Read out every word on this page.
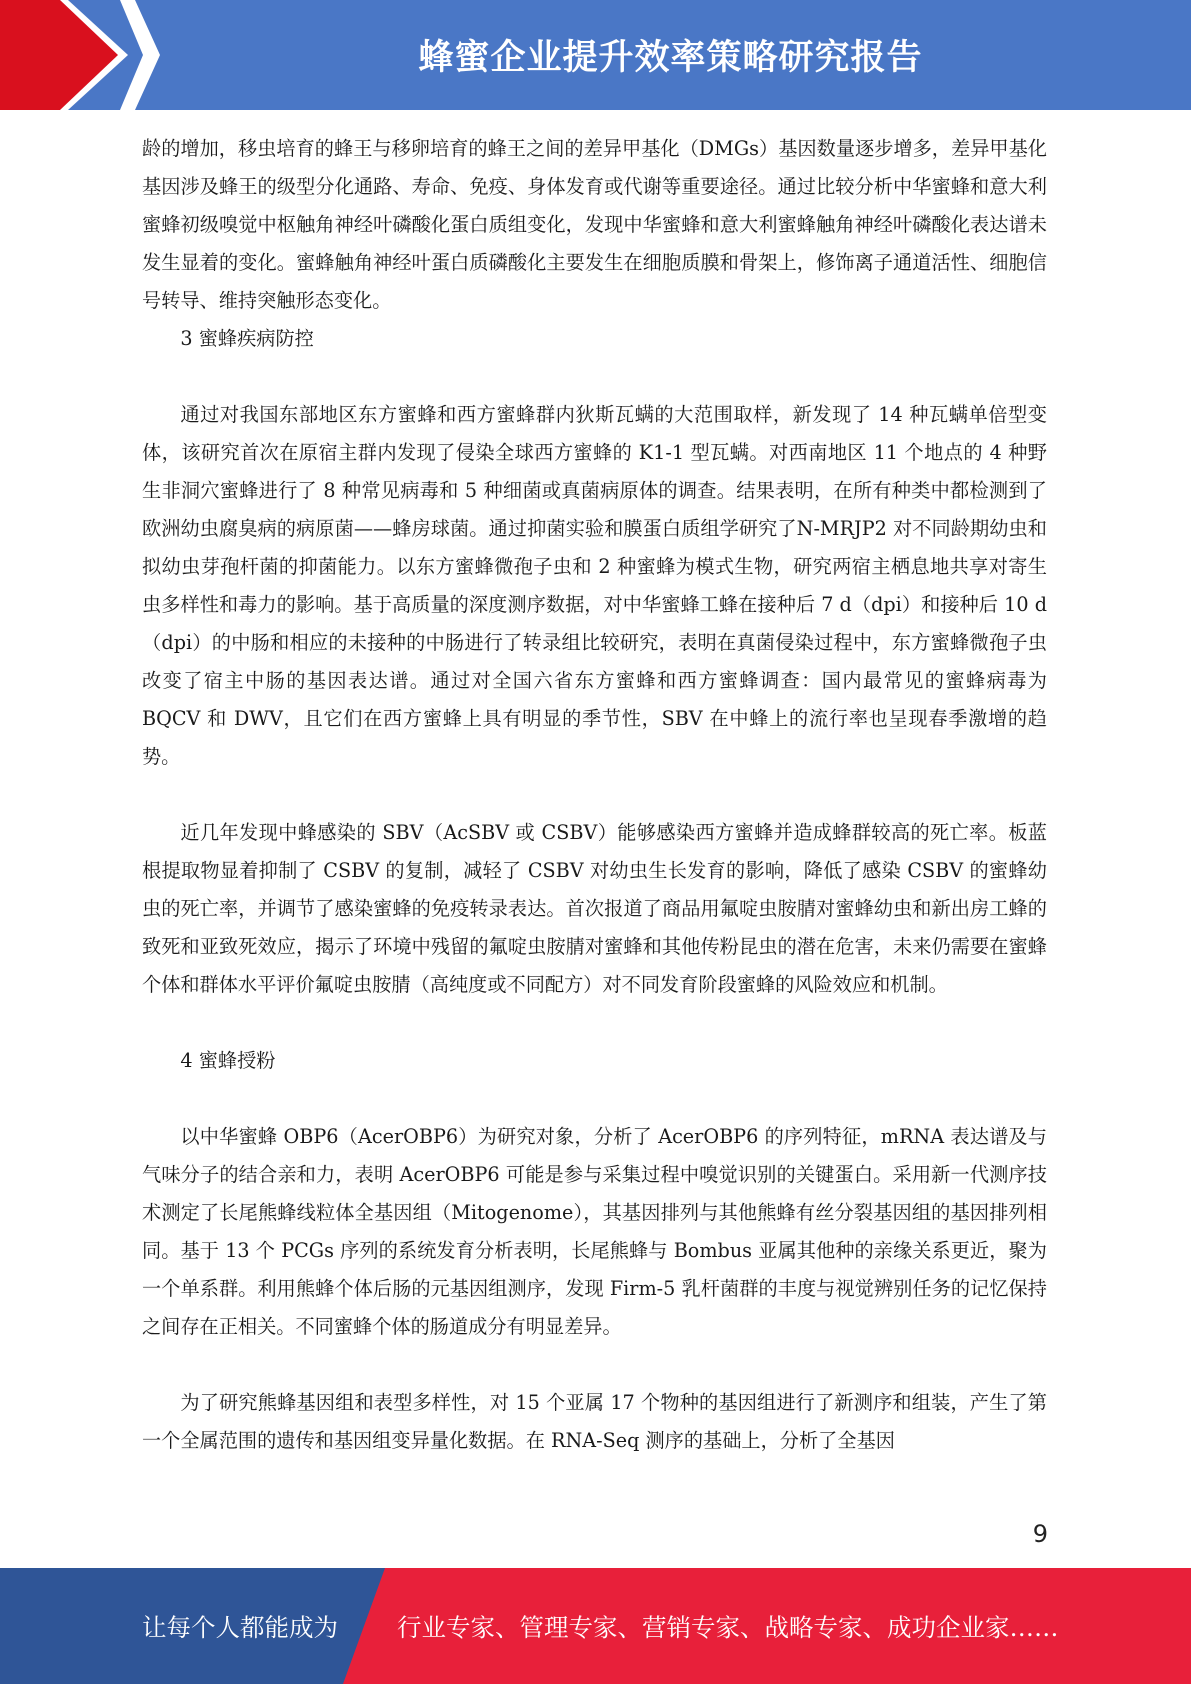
蜂蜜企业提升效率策略研究报告

龄的增加，移虫培育的蜂王与移卵培育的蜂王之间的差异甲基化（DMGs）基因数量逐步增多，差异甲基化基因涉及蜂王的级型分化通路、寿命、免疫、身体发育或代谢等重要途径。通过比较分析中华蜜蜂和意大利蜜蜂初级嗅觉中枢触角神经叶磷酸化蛋白质组变化，发现中华蜜蜂和意大利蜜蜂触角神经叶磷酸化表达谱未发生显着的变化。蜜蜂触角神经叶蛋白质磷酸化主要发生在细胞质膜和骨架上，修饰离子通道活性、细胞信号转导、维持突触形态变化。

3 蜜蜂疾病防控

通过对我国东部地区东方蜜蜂和西方蜜蜂群内狄斯瓦螨的大范围取样，新发现了 14 种瓦螨单倍型变体，该研究首次在原宿主群内发现了侵染全球西方蜜蜂的 K1-1 型瓦螨。对西南地区 11 个地点的 4 种野生非洞穴蜜蜂进行了 8 种常见病毒和 5 种细菌或真菌病原体的调查。结果表明，在所有种类中都检测到了欧洲幼虫腐臭病的病原菌——蜂房球菌。通过抑菌实验和膜蛋白质组学研究了N-MRJP2 对不同龄期幼虫和拟幼虫芽孢杆菌的抑菌能力。以东方蜜蜂微孢子虫和 2 种蜜蜂为模式生物，研究两宿主栖息地共享对寄生虫多样性和毒力的影响。基于高质量的深度测序数据，对中华蜜蜂工蜂在接种后 7 d（dpi）和接种后 10 d（dpi）的中肠和相应的未接种的中肠进行了转录组比较研究，表明在真菌侵染过程中，东方蜜蜂微孢子虫改变了宿主中肠的基因表达谱。通过对全国六省东方蜜蜂和西方蜜蜂调查：国内最常见的蜜蜂病毒为 BQCV 和 DWV，且它们在西方蜜蜂上具有明显的季节性，SBV 在中蜂上的流行率也呈现春季激增的趋势。

近几年发现中蜂感染的 SBV（AcSBV 或 CSBV）能够感染西方蜜蜂并造成蜂群较高的死亡率。板蓝根提取物显着抑制了 CSBV 的复制，减轻了 CSBV 对幼虫生长发育的影响，降低了感染 CSBV 的蜜蜂幼虫的死亡率，并调节了感染蜜蜂的免疫转录表达。首次报道了商品用氟啶虫胺腈对蜜蜂幼虫和新出房工蜂的致死和亚致死效应，揭示了环境中残留的氟啶虫胺腈对蜜蜂和其他传粉昆虫的潜在危害，未来仍需要在蜜蜂个体和群体水平评价氟啶虫胺腈（高纯度或不同配方）对不同发育阶段蜜蜂的风险效应和机制。

4 蜜蜂授粉

以中华蜜蜂 OBP6（AcerOBP6）为研究对象，分析了 AcerOBP6 的序列特征，mRNA 表达谱及与气味分子的结合亲和力，表明 AcerOBP6 可能是参与采集过程中嗅觉识别的关键蛋白。采用新一代测序技术测定了长尾熊蜂线粒体全基因组（Mitogenome），其基因排列与其他熊蜂有丝分裂基因组的基因排列相同。基于 13 个 PCGs 序列的系统发育分析表明，长尾熊蜂与 Bombus 亚属其他种的亲缘关系更近，聚为一个单系群。利用熊蜂个体后肠的元基因组测序，发现 Firm-5 乳杆菌群的丰度与视觉辨别任务的记忆保持之间存在正相关。不同蜜蜂个体的肠道成分有明显差异。

为了研究熊蜂基因组和表型多样性，对 15 个亚属 17 个物种的基因组进行了新测序和组装，产生了第一个全属范围的遗传和基因组变异量化数据。在 RNA-Seq 测序的基础上，分析了全基因

9
让每个人都能成为 行业专家、管理专家、营销专家、战略专家、成功企业家……
